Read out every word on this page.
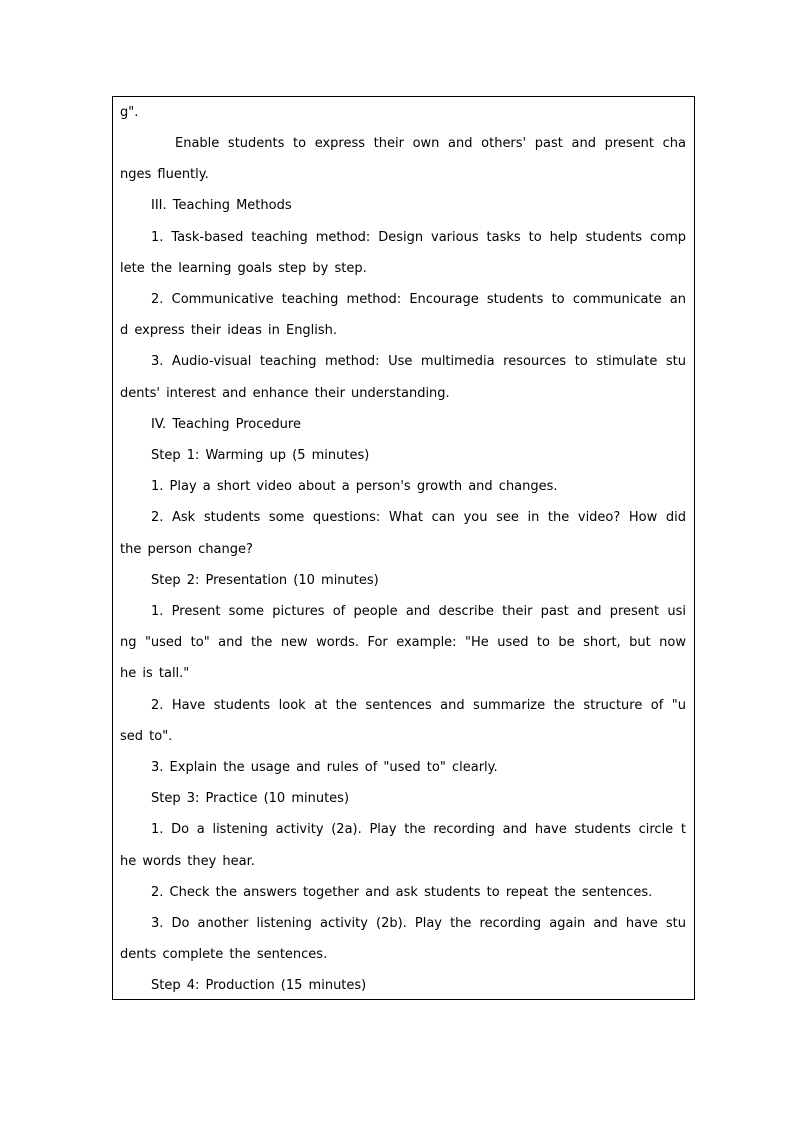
g".
Enable students to express their own and others' past and present cha
nges fluently.
III. Teaching Methods
1. Task-based teaching method: Design various tasks to help students comp
lete the learning goals step by step.
2. Communicative teaching method: Encourage students to communicate an
d express their ideas in English.
3. Audio-visual teaching method: Use multimedia resources to stimulate stu
dents' interest and enhance their understanding.
IV. Teaching Procedure
Step 1: Warming up (5 minutes)
1. Play a short video about a person's growth and changes.
2. Ask students some questions: What can you see in the video? How did
the person change?
Step 2: Presentation (10 minutes)
1. Present some pictures of people and describe their past and present usi
ng "used to" and the new words. For example: "He used to be short, but now
he is tall."
2. Have students look at the sentences and summarize the structure of "u
sed to".
3. Explain the usage and rules of "used to" clearly.
Step 3: Practice (10 minutes)
1. Do a listening activity (2a). Play the recording and have students circle t
he words they hear.
2. Check the answers together and ask students to repeat the sentences.
3. Do another listening activity (2b). Play the recording again and have stu
dents complete the sentences.
Step 4: Production (15 minutes)
